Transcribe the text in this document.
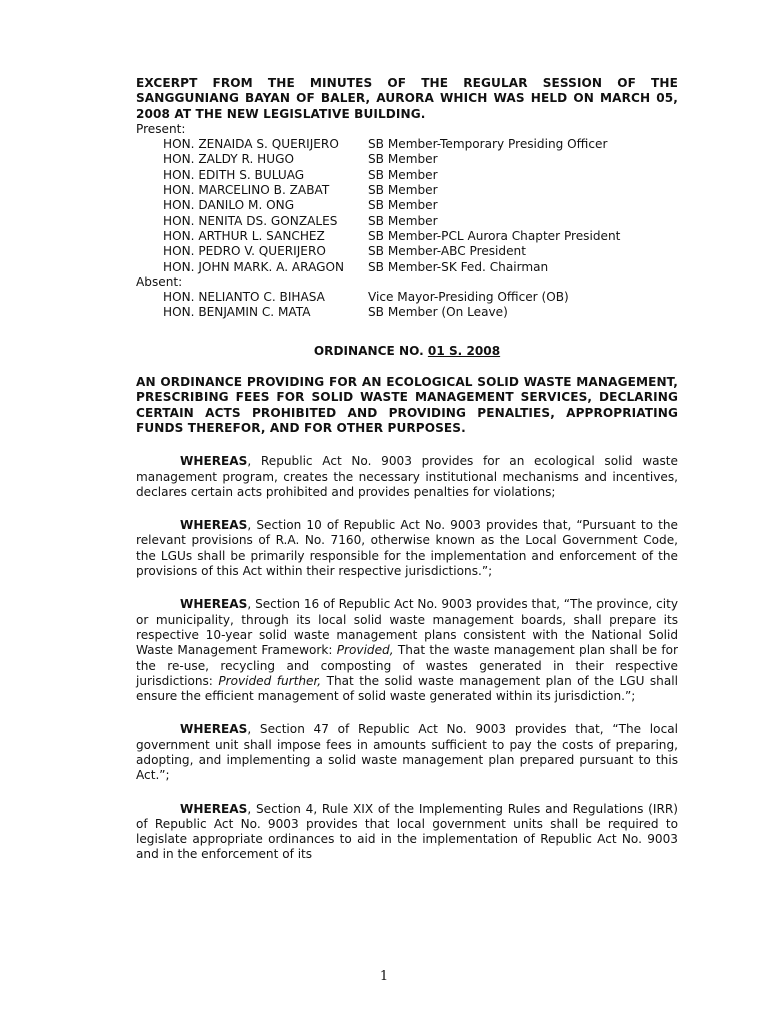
EXCERPT FROM THE MINUTES OF THE REGULAR SESSION OF THE SANGGUNIANG BAYAN OF BALER, AURORA WHICH WAS HELD ON MARCH 05, 2008 AT THE NEW LEGISLATIVE BUILDING.

Present:

HON. ZENAIDA S. QUERIJERO	SB Member-Temporary Presiding Officer
HON. ZALDY R. HUGO	SB Member
HON. EDITH S. BULUAG	SB Member
HON. MARCELINO B. ZABAT	SB Member
HON. DANILO M. ONG	SB Member
HON. NENITA DS. GONZALES	SB Member
HON. ARTHUR L. SANCHEZ	SB Member-PCL Aurora Chapter President
HON. PEDRO V. QUERIJERO	SB Member-ABC President
HON. JOHN MARK. A. ARAGON	SB Member-SK Fed. Chairman

Absent:

HON. NELIANTO C. BIHASA	Vice Mayor-Presiding Officer (OB)
HON. BENJAMIN C. MATA	SB Member (On Leave)

ORDINANCE NO. 01 S. 2008

AN ORDINANCE PROVIDING FOR AN ECOLOGICAL SOLID WASTE MANAGEMENT, PRESCRIBING FEES FOR SOLID WASTE MANAGEMENT SERVICES, DECLARING CERTAIN ACTS PROHIBITED AND PROVIDING PENALTIES, APPROPRIATING FUNDS THEREFOR, AND FOR OTHER PURPOSES.

WHEREAS, Republic Act No. 9003 provides for an ecological solid waste management program, creates the necessary institutional mechanisms and incentives, declares certain acts prohibited and provides penalties for violations;

WHEREAS, Section 10 of Republic Act No. 9003 provides that, “Pursuant to the relevant provisions of R.A. No. 7160, otherwise known as the Local Government Code, the LGUs shall be primarily responsible for the implementation and enforcement of the provisions of this Act within their respective jurisdictions.”;

WHEREAS, Section 16 of Republic Act No. 9003 provides that, “The province, city or municipality, through its local solid waste management boards, shall prepare its respective 10-year solid waste management plans consistent with the National Solid Waste Management Framework: Provided, That the waste management plan shall be for the re-use, recycling and composting of wastes generated in their respective jurisdictions: Provided further, That the solid waste management plan of the LGU shall ensure the efficient management of solid waste generated within its jurisdiction.”;

WHEREAS, Section 47 of Republic Act No. 9003 provides that, “The local government unit shall impose fees in amounts sufficient to pay the costs of preparing, adopting, and implementing a solid waste management plan prepared pursuant to this Act.”;

WHEREAS, Section 4, Rule XIX of the Implementing Rules and Regulations (IRR) of Republic Act No. 9003 provides that local government units shall be required to legislate appropriate ordinances to aid in the implementation of Republic Act No. 9003 and in the enforcement of its

1
